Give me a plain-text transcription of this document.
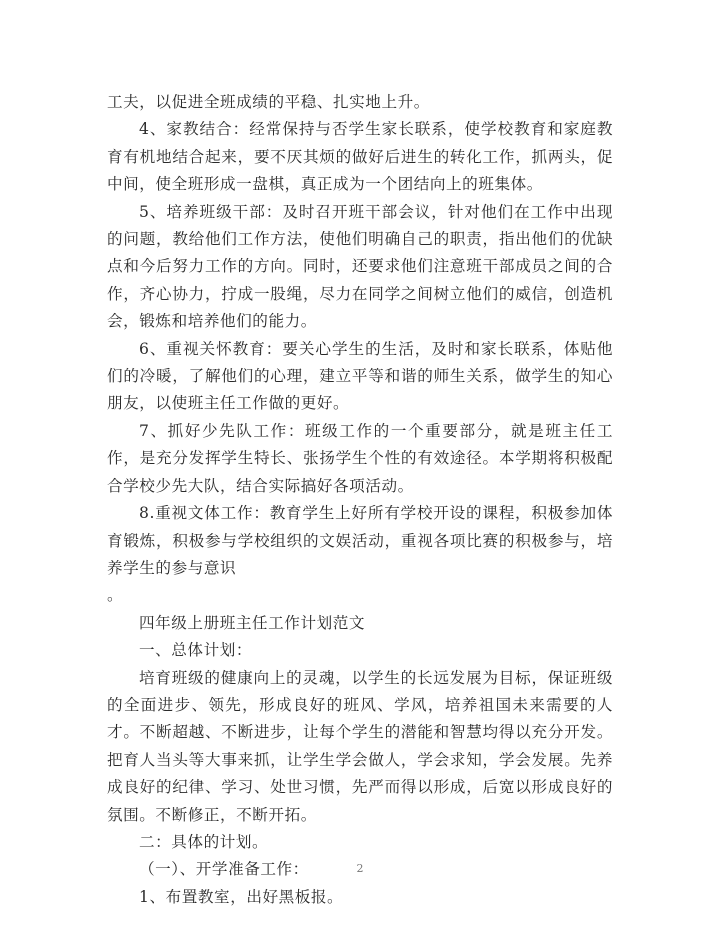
工夫，以促进全班成绩的平稳、扎实地上升。

4、家教结合：经常保持与否学生家长联系，使学校教育和家庭教育有机地结合起来，要不厌其烦的做好后进生的转化工作，抓两头，促中间，使全班形成一盘棋，真正成为一个团结向上的班集体。

5、培养班级干部：及时召开班干部会议，针对他们在工作中出现的问题，教给他们工作方法，使他们明确自己的职责，指出他们的优缺点和今后努力工作的方向。同时，还要求他们注意班干部成员之间的合作，齐心协力，拧成一股绳，尽力在同学之间树立他们的威信，创造机会，锻炼和培养他们的能力。

6、重视关怀教育：要关心学生的生活，及时和家长联系，体贴他们的冷暖，了解他们的心理，建立平等和谐的师生关系，做学生的知心朋友，以使班主任工作做的更好。

7、抓好少先队工作：班级工作的一个重要部分，就是班主任工作，是充分发挥学生特长、张扬学生个性的有效途径。本学期将积极配合学校少先大队，结合实际搞好各项活动。

8.重视文体工作：教育学生上好所有学校开设的课程，积极参加体育锻炼，积极参与学校组织的文娱活动，重视各项比赛的积极参与，培养学生的参与意识

。

四年级上册班主任工作计划范文

一、总体计划：

培育班级的健康向上的灵魂，以学生的长远发展为目标，保证班级的全面进步、领先，形成良好的班风、学风，培养祖国未来需要的人才。不断超越、不断进步，让每个学生的潜能和智慧均得以充分开发。把育人当头等大事来抓，让学生学会做人，学会求知，学会发展。先养成良好的纪律、学习、处世习惯，先严而得以形成，后宽以形成良好的氛围。不断修正，不断开拓。

二：具体的计划。

（一）、开学准备工作：

1、布置教室，出好黑板报。

2
